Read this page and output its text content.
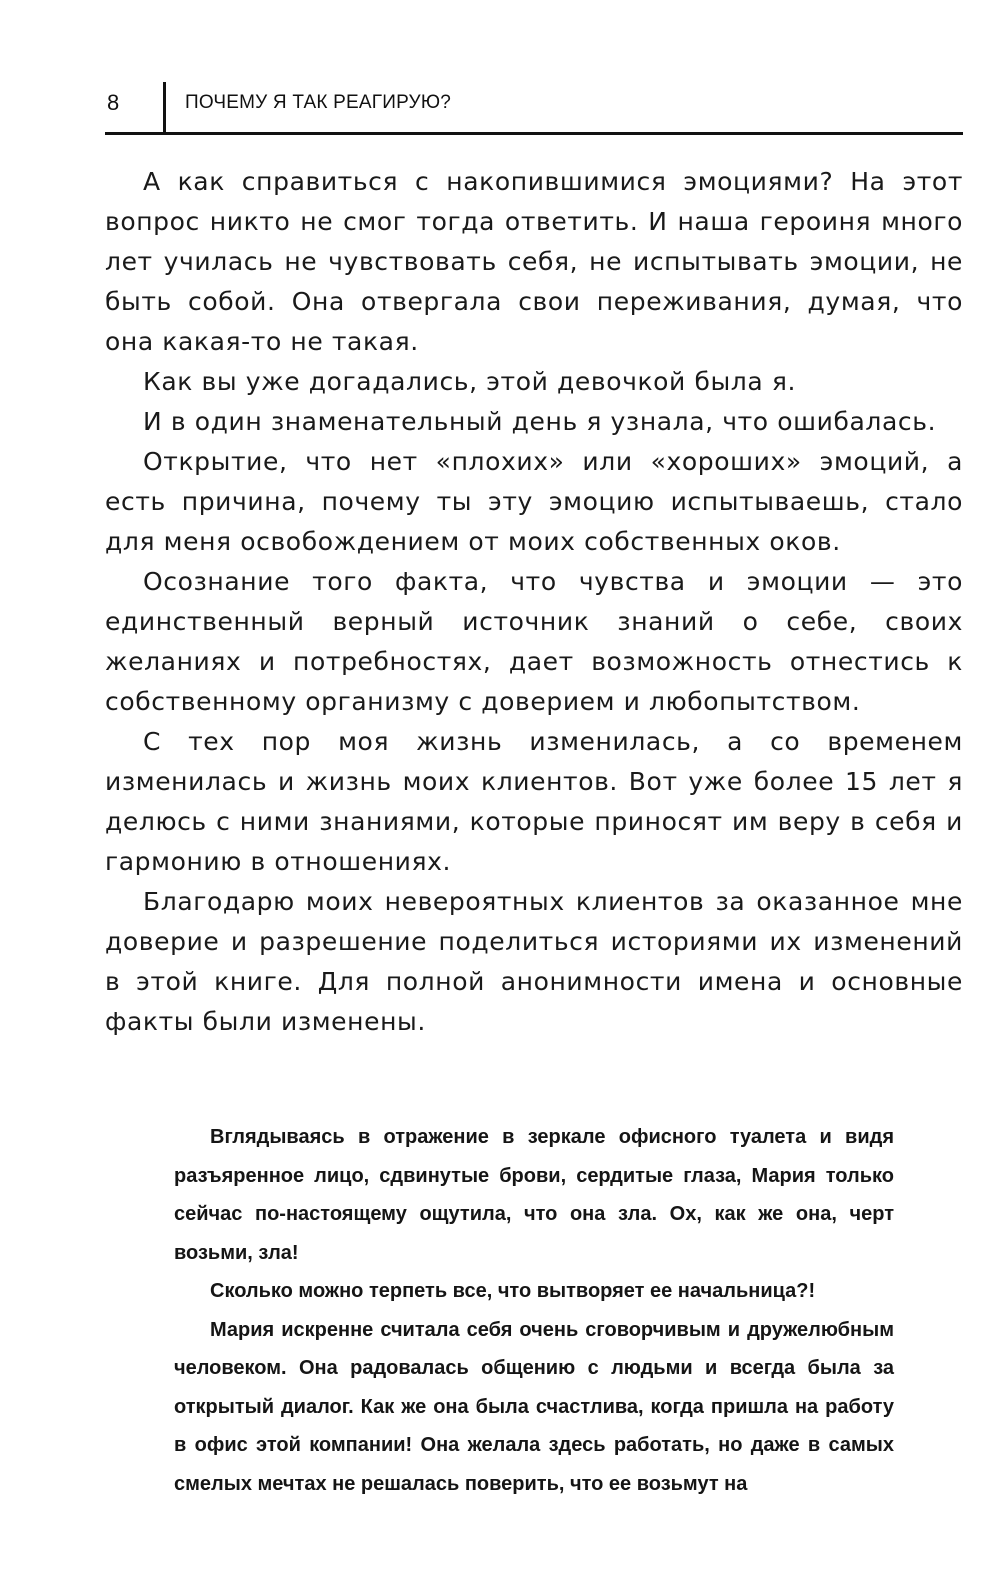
8	ПОЧЕМУ Я ТАК РЕАГИРУЮ?

А как справиться с накопившимися эмоциями? На этот вопрос никто не смог тогда ответить. И наша героиня много лет училась не чувствовать себя, не испытывать эмоции, не быть собой. Она отвергала свои переживания, думая, что она какая-то не такая.

Как вы уже догадались, этой девочкой была я.

И в один знаменательный день я узнала, что ошибалась.

Открытие, что нет «плохих» или «хороших» эмоций, а есть причина, почему ты эту эмоцию испытываешь, стало для меня освобождением от моих собственных оков.

Осознание того факта, что чувства и эмоции — это единственный верный источник знаний о себе, своих желаниях и потребностях, дает возможность отнестись к собственному организму с доверием и любопытством.

С тех пор моя жизнь изменилась, а со временем изменилась и жизнь моих клиентов. Вот уже более 15 лет я делюсь с ними знаниями, которые приносят им веру в себя и гармонию в отношениях.

Благодарю моих невероятных клиентов за оказанное мне доверие и разрешение поделиться историями их изменений в этой книге. Для полной анонимности имена и основные факты были изменены.

Вглядываясь в отражение в зеркале офисного туалета и видя разъяренное лицо, сдвинутые брови, сердитые глаза, Мария только сейчас по-настоящему ощутила, что она зла. Ох, как же она, черт возьми, зла!

Сколько можно терпеть все, что вытворяет ее начальница?!

Мария искренне считала себя очень сговорчивым и дружелюбным человеком. Она радовалась общению с людьми и всегда была за открытый диалог. Как же она была счастлива, когда пришла на работу в офис этой компании! Она желала здесь работать, но даже в самых смелых мечтах не решалась поверить, что ее возьмут на
